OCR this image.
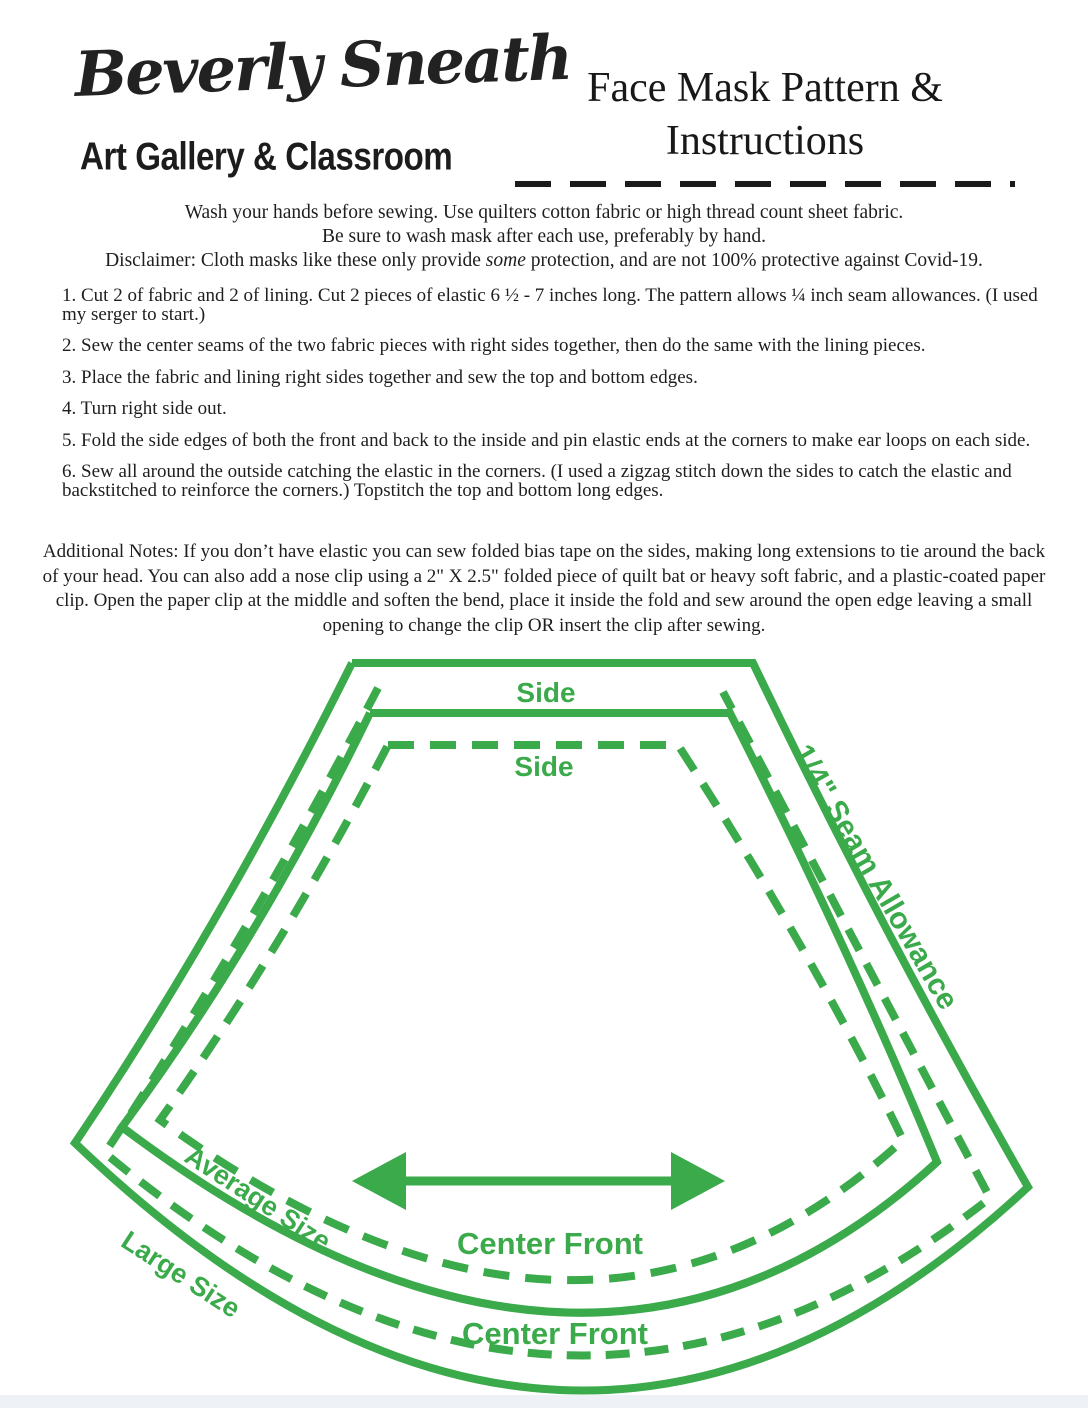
Beverly Sneath
Art Gallery & Classroom
Face Mask Pattern &
Instructions

Wash your hands before sewing. Use quilters cotton fabric or high thread count sheet fabric.

Be sure to wash mask after each use, preferably by hand.

Disclaimer: Cloth masks like these only provide some protection, and are not 100% protective against Covid-19.

1. Cut 2 of fabric and 2 of lining. Cut 2 pieces of elastic 6 ½ - 7 inches long. The pattern allows ¼ inch seam allowances. (I used my serger to start.)

2. Sew the center seams of the two fabric pieces with right sides together, then do the same with the lining pieces.

3. Place the fabric and lining right sides together and sew the top and bottom edges.

4. Turn right side out.

5. Fold the side edges of both the front and back to the inside and pin elastic ends at the corners to make ear loops on each side.

6. Sew all around the outside catching the elastic in the corners. (I used a zigzag stitch down the sides to catch the elastic and backstitched to reinforce the corners.) Topstitch the top and bottom long edges.

Additional Notes: If you don’t have elastic you can sew folded bias tape on the sides, making long extensions to tie around the back of your head. You can also add a nose clip using a 2" X 2.5" folded piece of quilt bat or heavy soft fabric, and a plastic-coated paper clip. Open the paper clip at the middle and soften the bend, place it inside the fold and sew around the open edge leaving a small opening to change the clip OR insert the clip after sewing.

Side
Side	1/4" Seam Allowance
Average Size
Large Size	Center Front
Center Front
